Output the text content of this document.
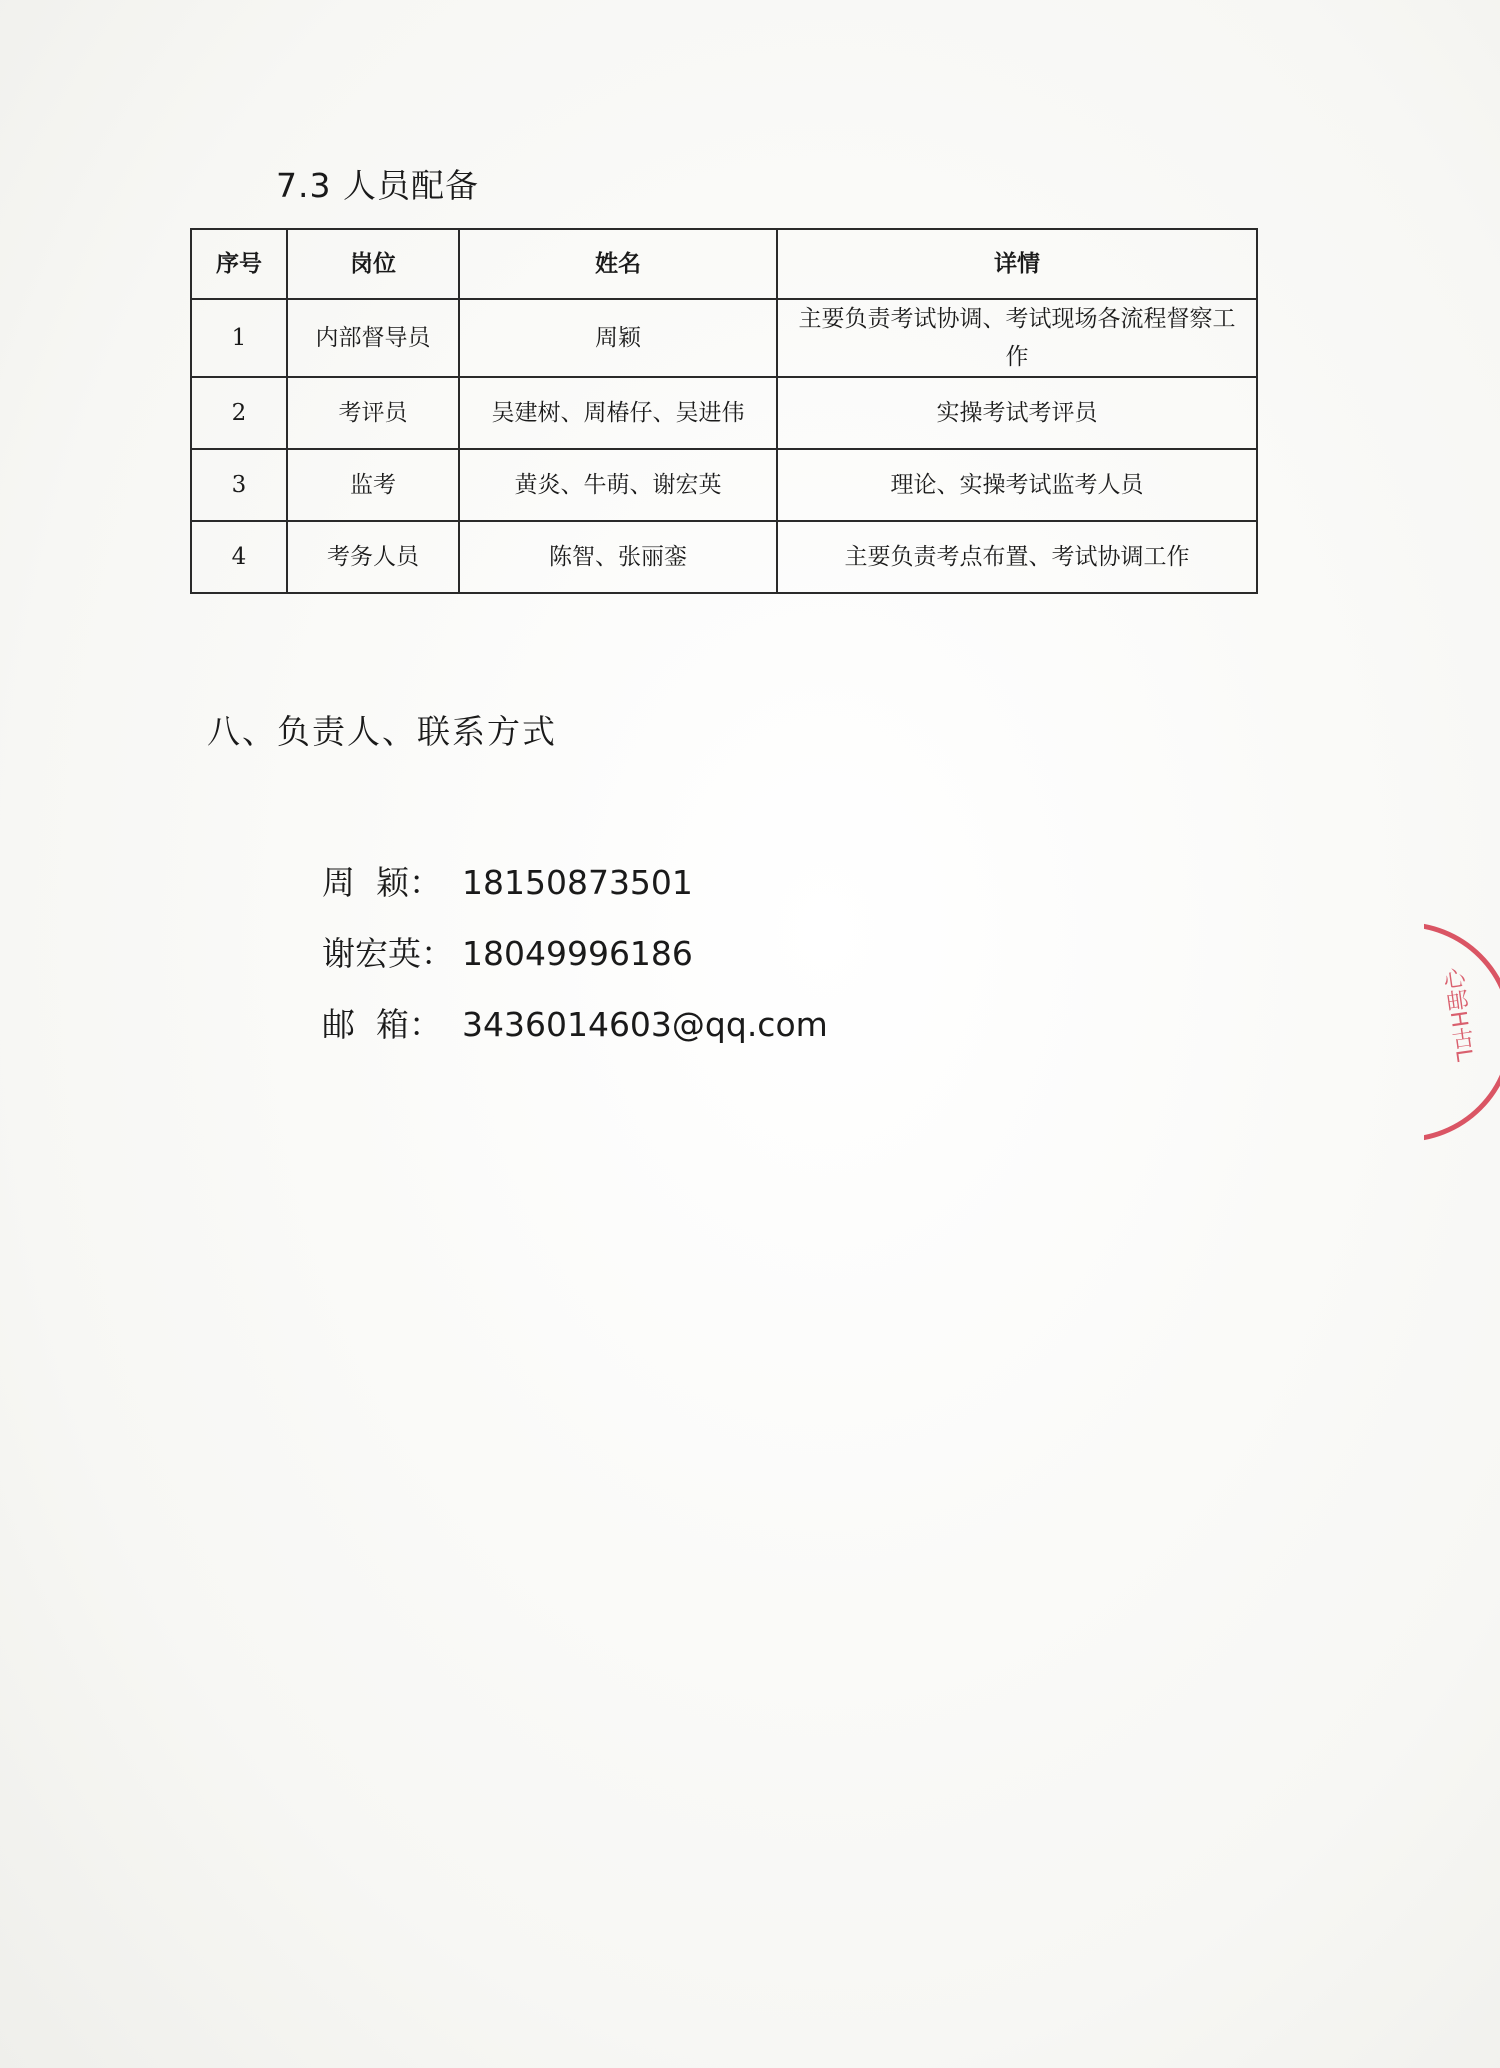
7.3 人员配备
序号	岗位	姓名	详情
1	内部督导员	周颖	主要负责考试协调、考试现场各流程督察工作
2	考评员	吴建树、周椿仔、吴进伟	实操考试考评员
3	监考	黄炎、牛萌、谢宏英	理论、实操考试监考人员
4	考务人员	陈智、张丽銮	主要负责考点布置、考试协调工作
八、负责人、联系方式

周  颖： 18150873501

谢宏英： 18049996186

邮  箱： 3436014603@qq.com
	心邮H古L
